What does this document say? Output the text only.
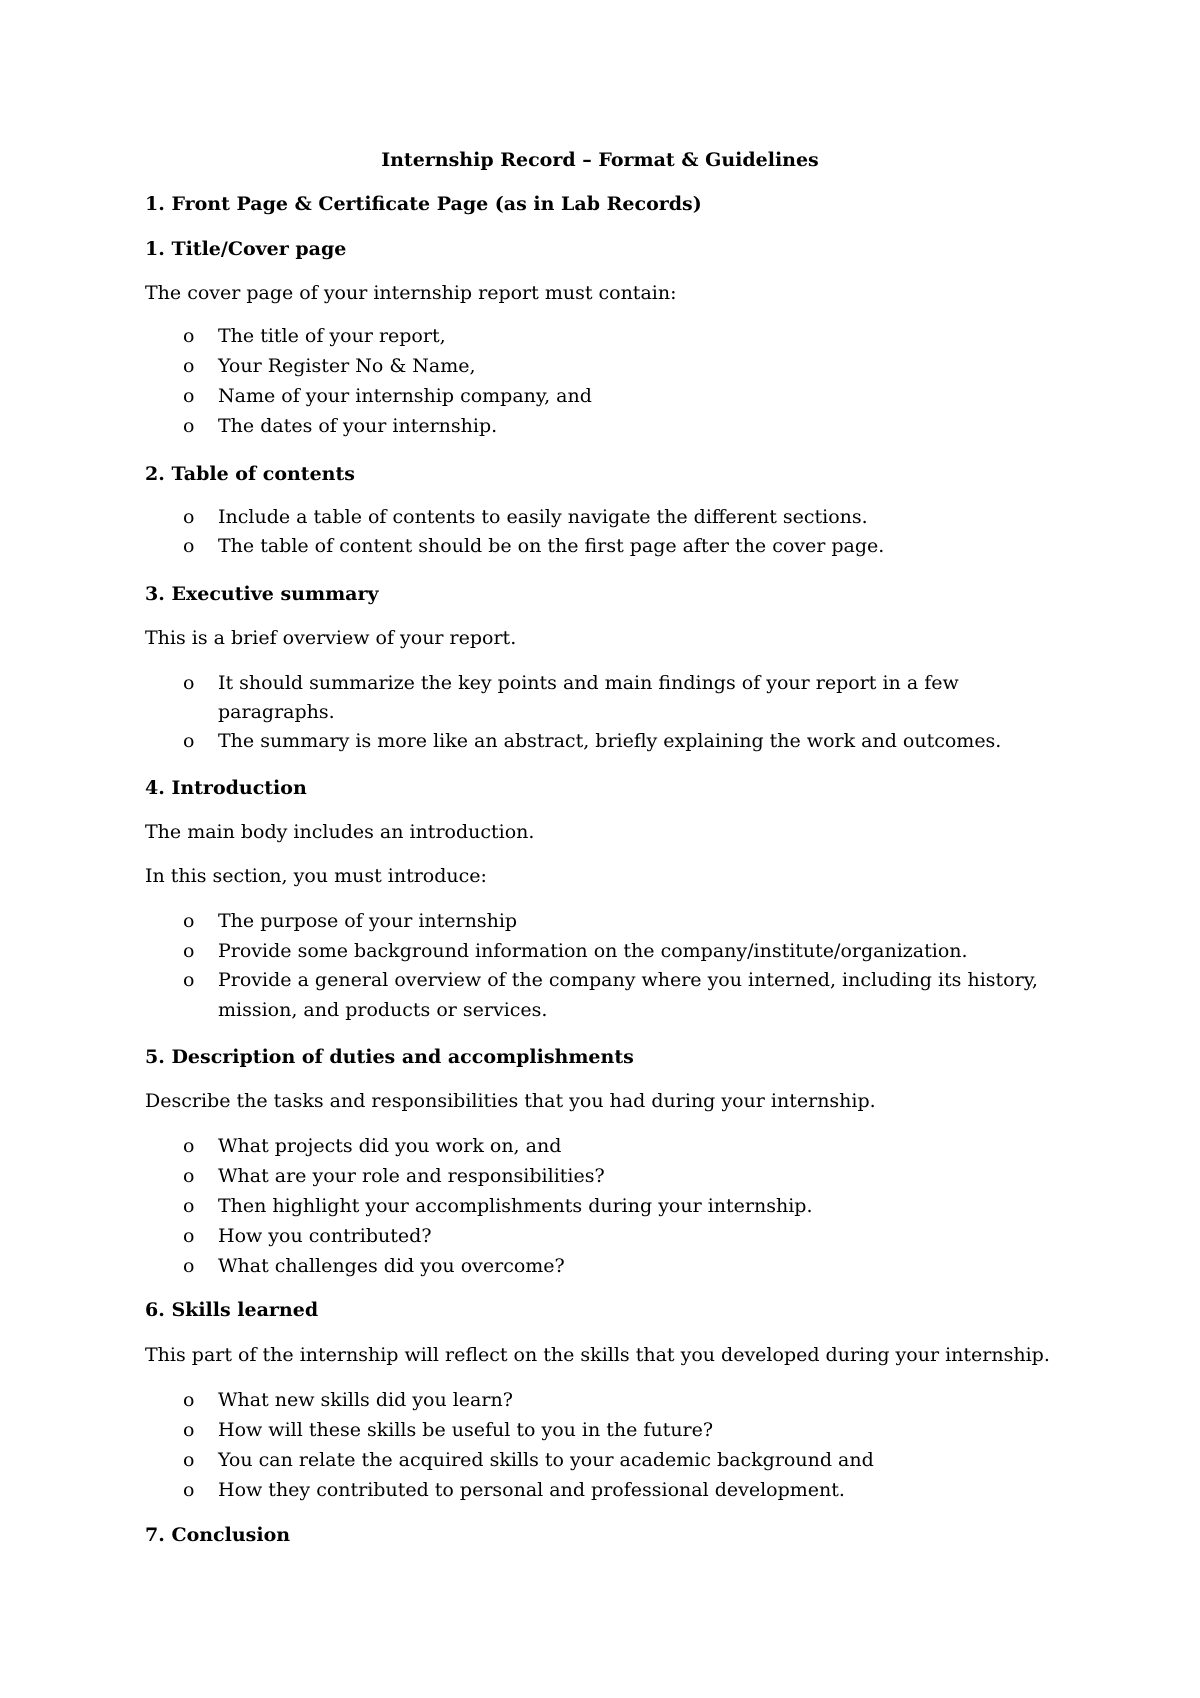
Internship Record – Format & Guidelines
1. Front Page & Certificate Page (as in Lab Records)
1. Title/Cover page
The cover page of your internship report must contain:
o The title of your report,
o Your Register No & Name,
o Name of your internship company, and
o The dates of your internship.
2. Table of contents
o Include a table of contents to easily navigate the different sections.
o The table of content should be on the first page after the cover page.
3. Executive summary
This is a brief overview of your report.
o It should summarize the key points and main findings of your report in a few
paragraphs.
o The summary is more like an abstract, briefly explaining the work and outcomes.
4. Introduction
The main body includes an introduction.
In this section, you must introduce:
o The purpose of your internship
o Provide some background information on the company/institute/organization.
o Provide a general overview of the company where you interned, including its history,
mission, and products or services.
5. Description of duties and accomplishments
Describe the tasks and responsibilities that you had during your internship.
o What projects did you work on, and
o What are your role and responsibilities?
o Then highlight your accomplishments during your internship.
o How you contributed?
o What challenges did you overcome?
6. Skills learned
This part of the internship will reflect on the skills that you developed during your internship.
o What new skills did you learn?
o How will these skills be useful to you in the future?
o You can relate the acquired skills to your academic background and
o How they contributed to personal and professional development.
7. Conclusion
